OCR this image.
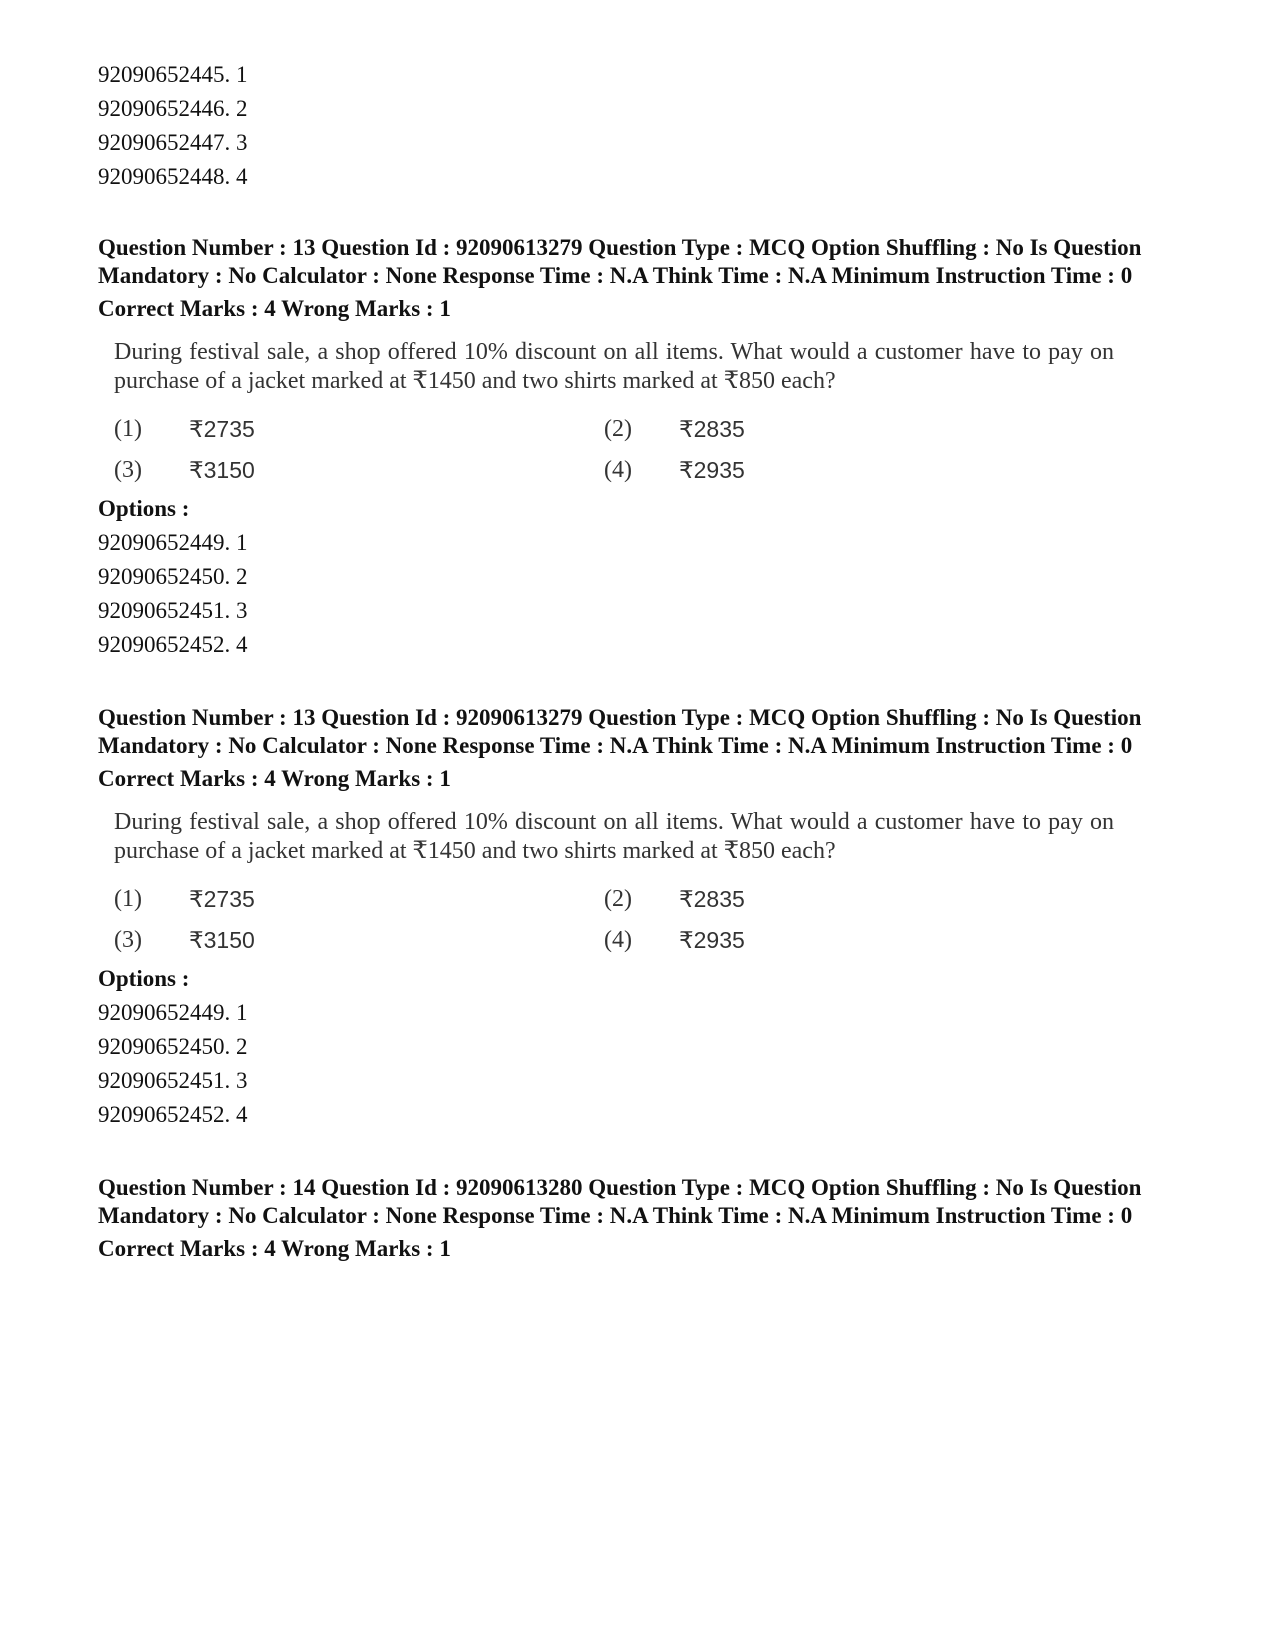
92090652445. 1
92090652446. 2
92090652447. 3
92090652448. 4
Question Number : 13 Question Id : 92090613279 Question Type : MCQ Option Shuffling : No Is Question Mandatory : No Calculator : None Response Time : N.A Think Time : N.A Minimum Instruction Time : 0
Correct Marks : 4 Wrong Marks : 1
During festival sale, a shop offered 10% discount on all items. What would a customer have to pay on purchase of a jacket marked at ₹1450 and two shirts marked at ₹850 each?
(1)	₹2735	(2)	₹2835
(3)	₹3150	(4)	₹2935
Options :
92090652449. 1
92090652450. 2
92090652451. 3
92090652452. 4
Question Number : 13 Question Id : 92090613279 Question Type : MCQ Option Shuffling : No Is Question Mandatory : No Calculator : None Response Time : N.A Think Time : N.A Minimum Instruction Time : 0
Correct Marks : 4 Wrong Marks : 1
During festival sale, a shop offered 10% discount on all items. What would a customer have to pay on purchase of a jacket marked at ₹1450 and two shirts marked at ₹850 each?
(1)	₹2735	(2)	₹2835
(3)	₹3150	(4)	₹2935
Options :
92090652449. 1
92090652450. 2
92090652451. 3
92090652452. 4
Question Number : 14 Question Id : 92090613280 Question Type : MCQ Option Shuffling : No Is Question Mandatory : No Calculator : None Response Time : N.A Think Time : N.A Minimum Instruction Time : 0
Correct Marks : 4 Wrong Marks : 1
